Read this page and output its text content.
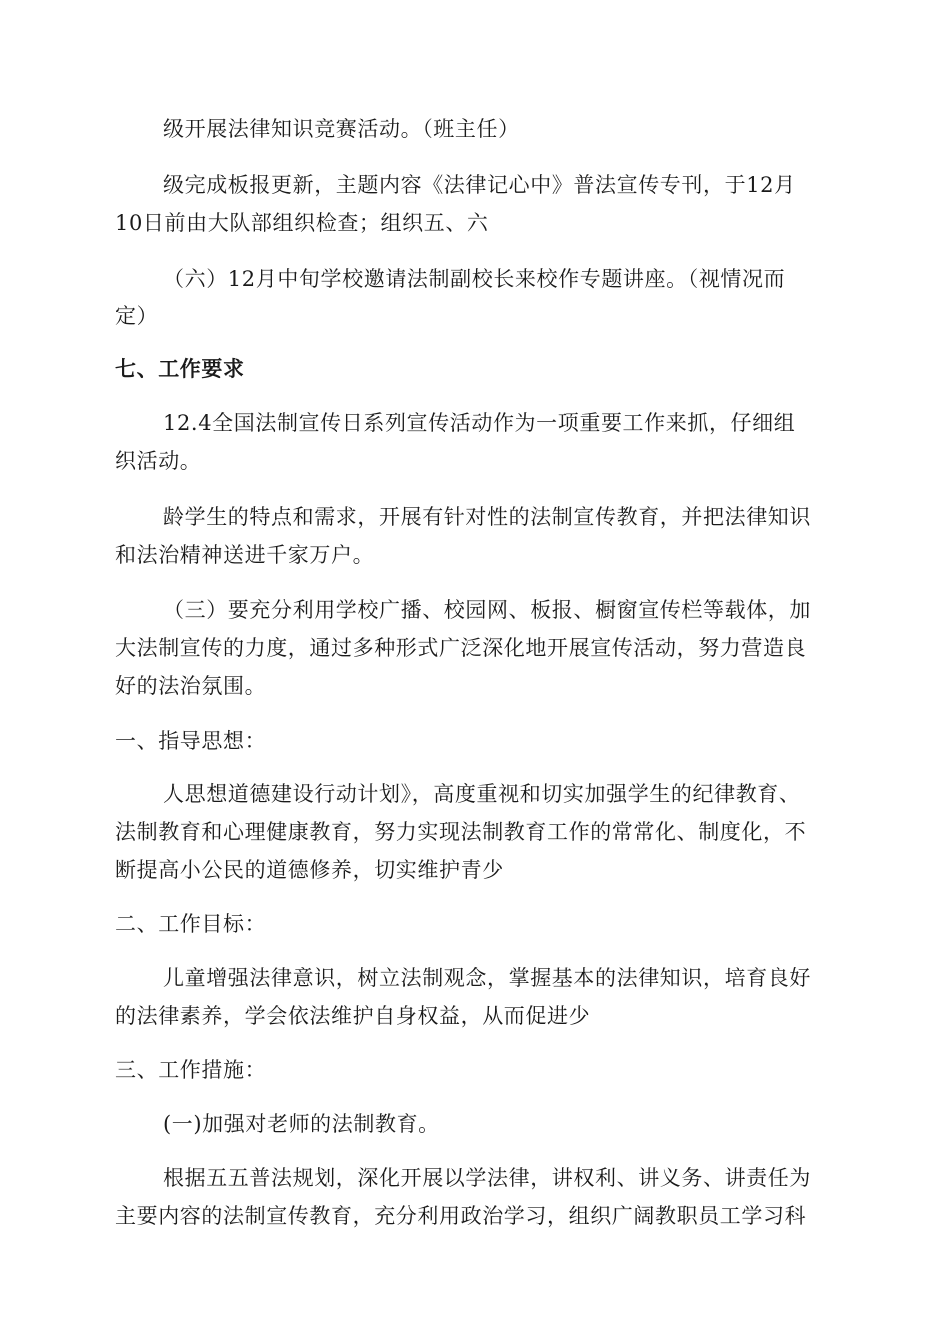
级开展法律知识竞赛活动。（班主任）
级完成板报更新，主题内容《法律记心中》普法宣传专刊，于12月
10日前由大队部组织检查；组织五、六
（六）12月中旬学校邀请法制副校长来校作专题讲座。（视情况而
定）
七、工作要求
12.4全国法制宣传日系列宣传活动作为一项重要工作来抓，仔细组
织活动。
龄学生的特点和需求，开展有针对性的法制宣传教育，并把法律知识
和法治精神送进千家万户。
（三）要充分利用学校广播、校园网、板报、橱窗宣传栏等载体，加
大法制宣传的力度，通过多种形式广泛深化地开展宣传活动，努力营造良
好的法治氛围。
一、指导思想：
人思想道德建设行动计划》，高度重视和切实加强学生的纪律教育、
法制教育和心理健康教育，努力实现法制教育工作的常常化、制度化，不
断提高小公民的道德修养，切实维护青少
二、工作目标：
儿童增强法律意识，树立法制观念，掌握基本的法律知识，培育良好
的法律素养，学会依法维护自身权益，从而促进少
三、工作措施：
(一)加强对老师的法制教育。
根据五五普法规划，深化开展以学法律，讲权利、讲义务、讲责任为
主要内容的法制宣传教育，充分利用政治学习，组织广阔教职员工学习科
